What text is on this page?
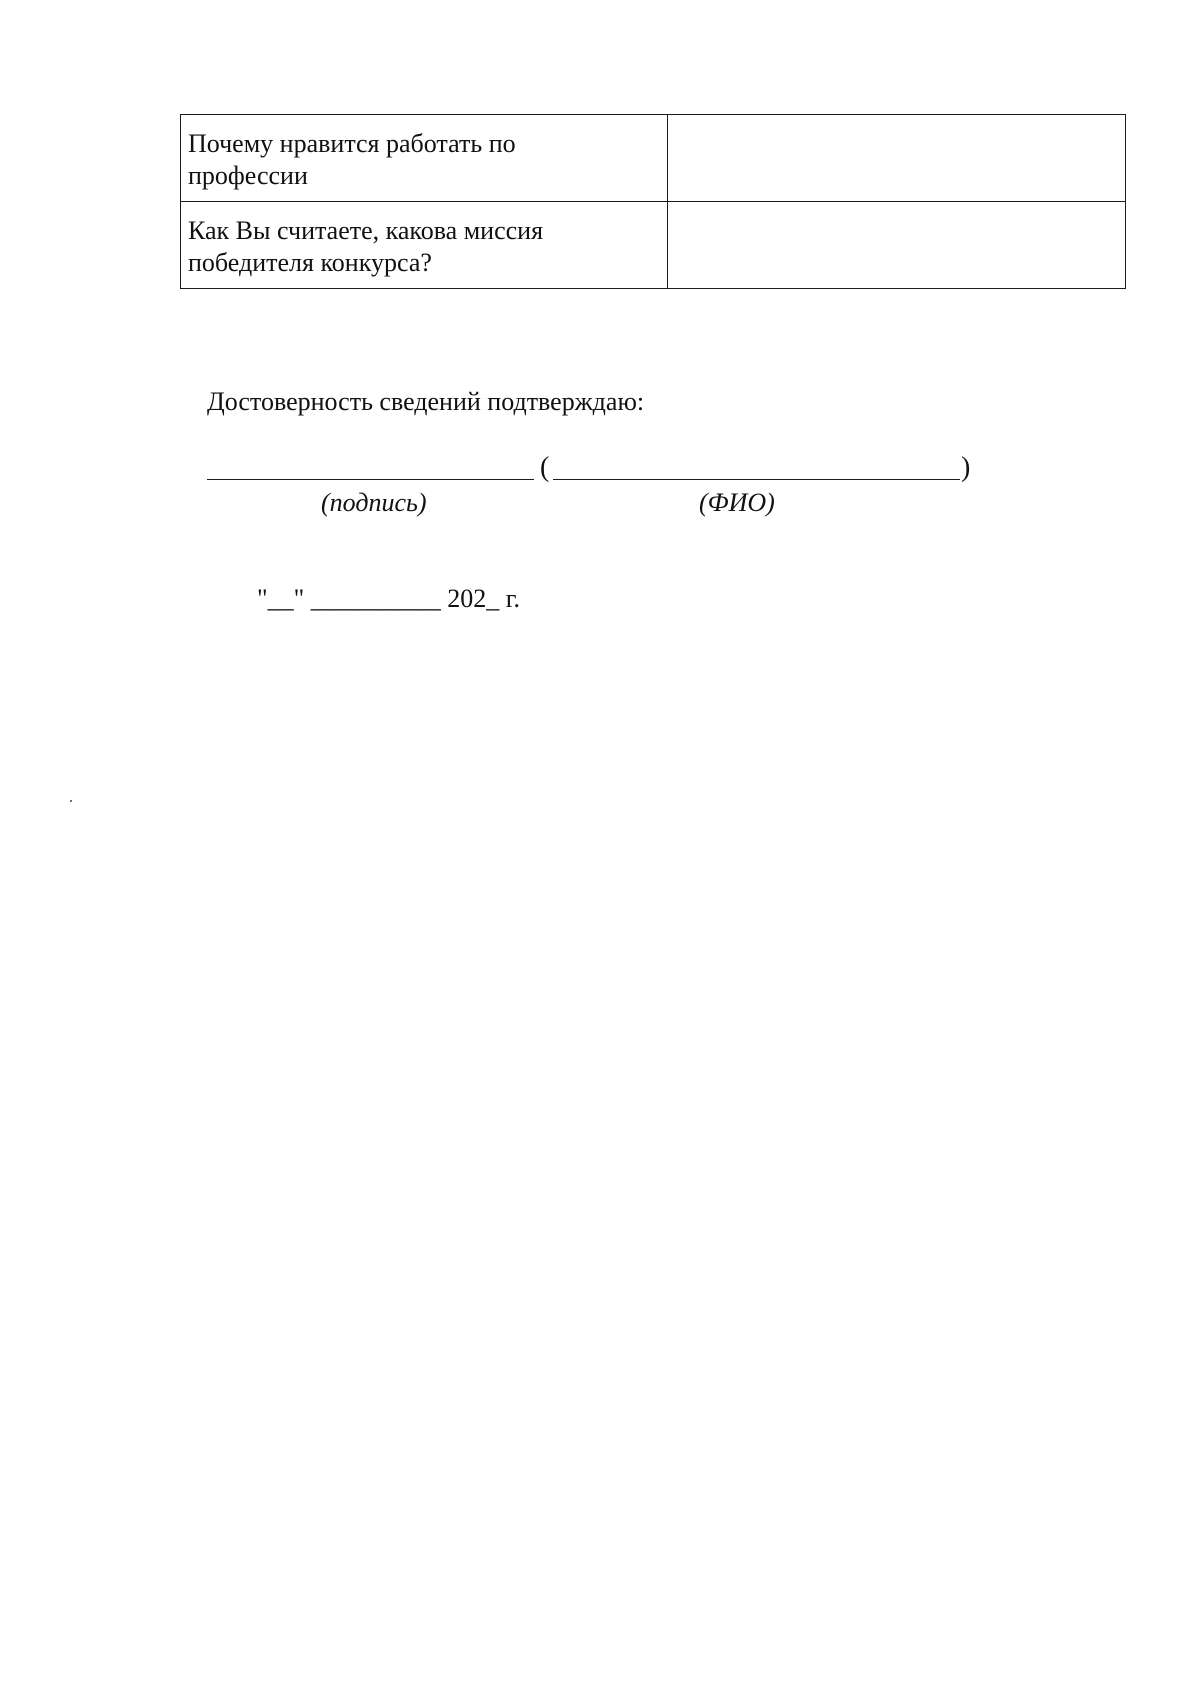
Почему нравится работать по
профессии	

Как Вы считаете, какова миссия
победителя конкурса?	

Достоверность сведений подтверждаю:
(	)
(подпись)	(ФИО)
"__" __________ 202_ г.
